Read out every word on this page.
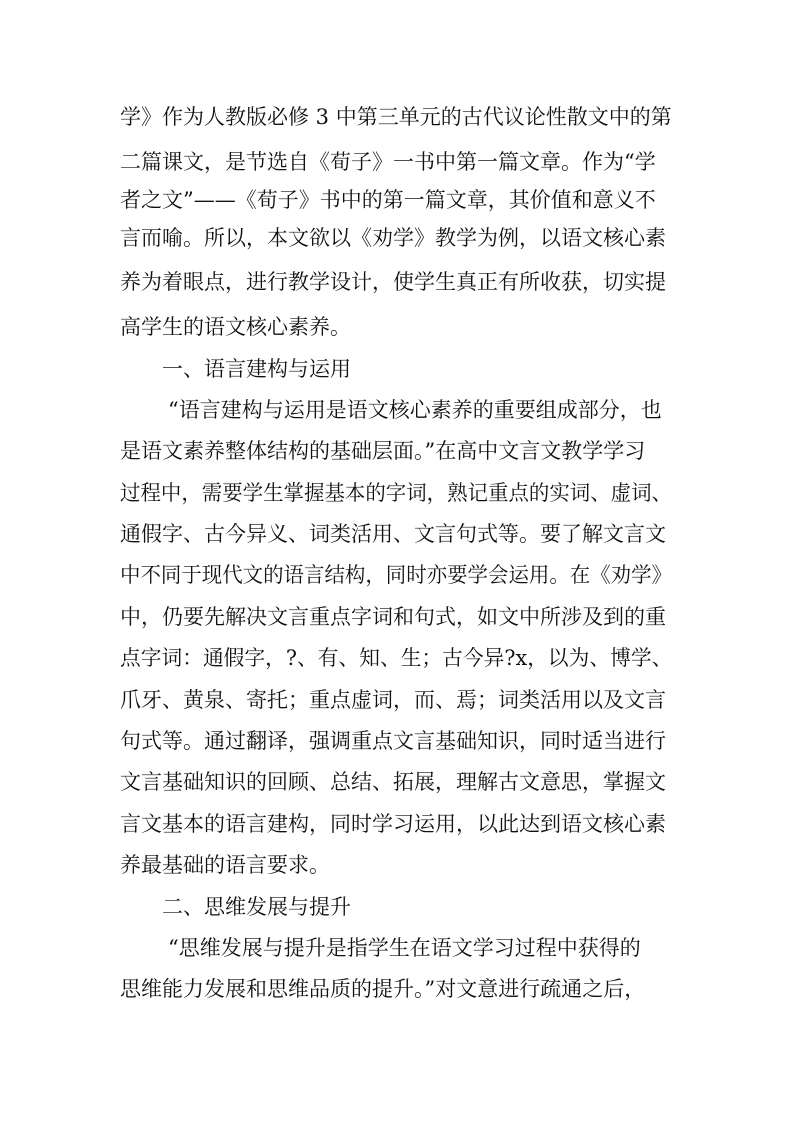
学》作为人教版必修 3 中第三单元的古代议论性散文中的第
二篇课文，是节选自《荀子》一书中第一篇文章。作为“学
者之文”——《荀子》书中的第一篇文章，其价值和意义不
言而喻。所以，本文欲以《劝学》教学为例，以语文核心素
养为着眼点，进行教学设计，使学生真正有所收获，切实提
高学生的语文核心素养。
一、语言建构与运用
“语言建构与运用是语文核心素养的重要组成部分，也
是语文素养整体结构的基础层面。”在高中文言文教学学习
过程中，需要学生掌握基本的字词，熟记重点的实词、虚词、
通假字、古今异义、词类活用、文言句式等。要了解文言文
中不同于现代文的语言结构，同时亦要学会运用。在《劝学》
中，仍要先解决文言重点字词和句式，如文中所涉及到的重
点字词：通假字，?、有、知、生；古今异?x，以为、博学、
爪牙、黄泉、寄托；重点虚词，而、焉；词类活用以及文言
句式等。通过翻译，强调重点文言基础知识，同时适当进行
文言基础知识的回顾、总结、拓展，理解古文意思，掌握文
言文基本的语言建构，同时学习运用，以此达到语文核心素
养最基础的语言要求。
二、思维发展与提升
“思维发展与提升是指学生在语文学习过程中获得的
思维能力发展和思维品质的提升。”对文意进行疏通之后，
